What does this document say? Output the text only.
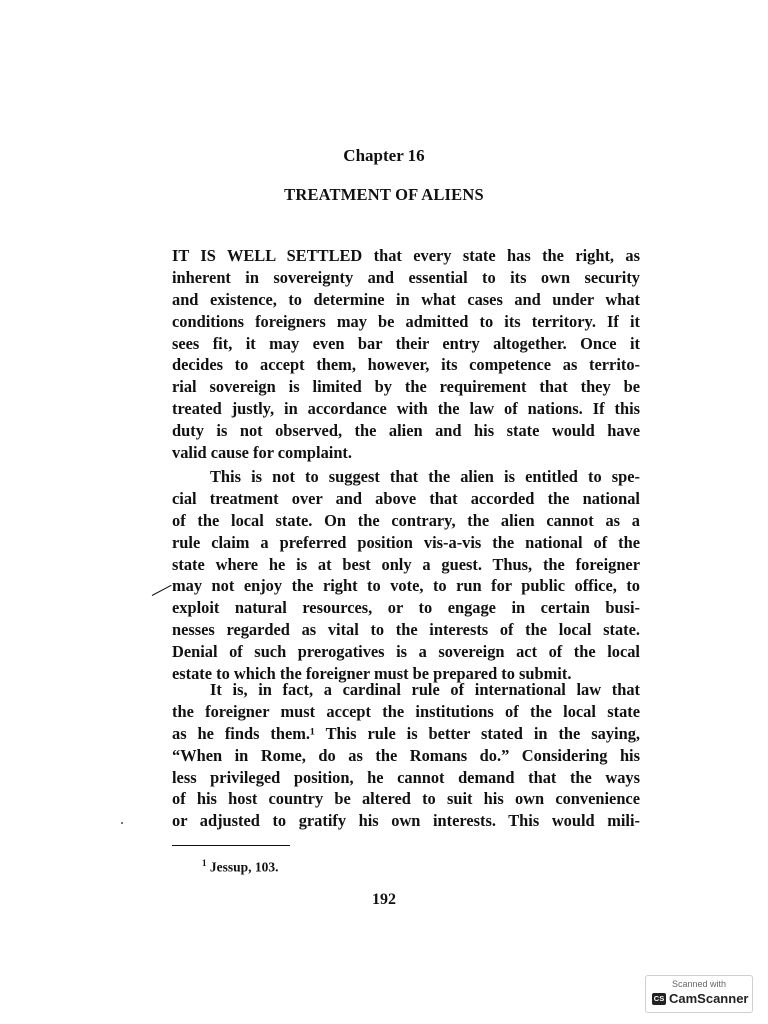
Chapter 16
TREATMENT OF ALIENS
IT IS WELL SETTLED that every state has the right, as
inherent in sovereignty and essential to its own security
and existence, to determine in what cases and under what
conditions foreigners may be admitted to its territory. If it
sees fit, it may even bar their entry altogether. Once it
decides to accept them, however, its competence as territo-
rial sovereign is limited by the requirement that they be
treated justly, in accordance with the law of nations. If this
duty is not observed, the alien and his state would have
valid cause for complaint.
This is not to suggest that the alien is entitled to spe-
cial treatment over and above that accorded the national
of the local state. On the contrary, the alien cannot as a
rule claim a preferred position vis-a-vis the national of the
state where he is at best only a guest. Thus, the foreigner
may not enjoy the right to vote, to run for public office, to
exploit natural resources, or to engage in certain busi-
nesses regarded as vital to the interests of the local state.
Denial of such prerogatives is a sovereign act of the local
estate to which the foreigner must be prepared to submit.
It is, in fact, a cardinal rule of international law that
the foreigner must accept the institutions of the local state
as he finds them.¹ This rule is better stated in the saying,
“When in Rome, do as the Romans do.” Considering his
less privileged position, he cannot demand that the ways
of his host country be altered to suit his own convenience
or adjusted to gratify his own interests. This would mili-
$^1$ Jessup, 103.
192
Scanned with
CS CamScanner
